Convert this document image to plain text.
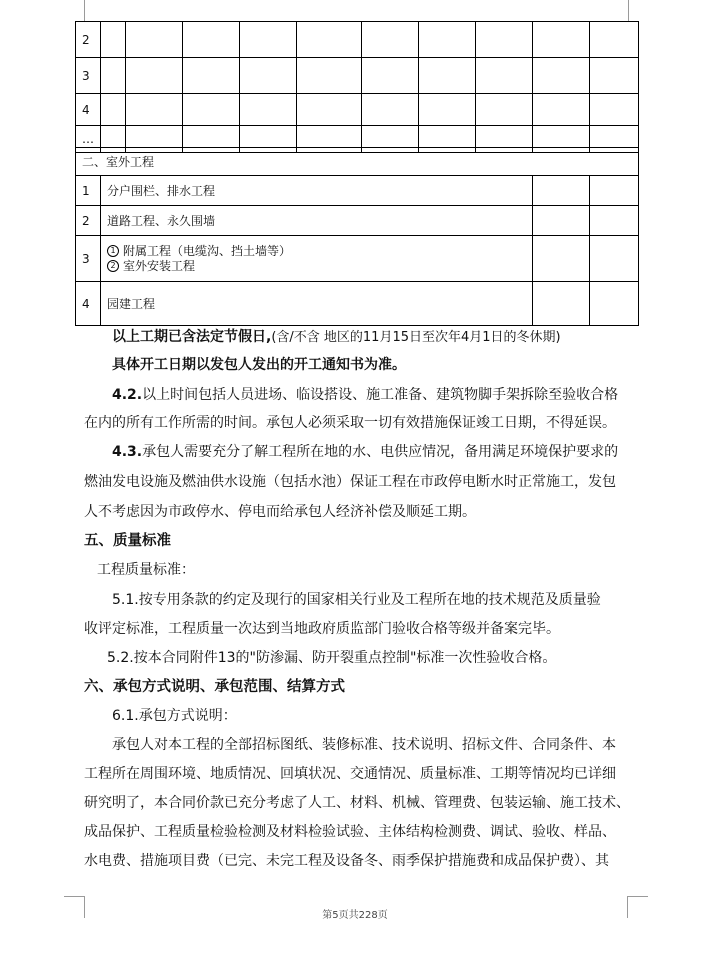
2										
3										
4										
…										
二、室外工程			
1	分户围栏、排水工程		
2	道路工程、永久围墙		
3	1 附属工程（电缆沟、挡土墙等）
2 室外安装工程		

4	园建工程		
以上工期已含法定节假日,(含/不含 地区的11月15日至次年4月1日的冬休期)
具体开工日期以发包人发出的开工通知书为准。
4.2.以上时间包括人员进场、临设搭设、施工准备、建筑物脚手架拆除至验收合格
在内的所有工作所需的时间。承包人必须采取一切有效措施保证竣工日期，不得延误。
4.3.承包人需要充分了解工程所在地的水、电供应情况，备用满足环境保护要求的
燃油发电设施及燃油供水设施（包括水池）保证工程在市政停电断水时正常施工，发包
人不考虑因为市政停水、停电而给承包人经济补偿及顺延工期。
五、质量标准
工程质量标准：
5.1.按专用条款的约定及现行的国家相关行业及工程所在地的技术规范及质量验
收评定标准，工程质量一次达到当地政府质监部门验收合格等级并备案完毕。
5.2.按本合同附件13的"防渗漏、防开裂重点控制"标准一次性验收合格。
六、承包方式说明、承包范围、结算方式
6.1.承包方式说明：
承包人对本工程的全部招标图纸、装修标准、技术说明、招标文件、合同条件、本
工程所在周围环境、地质情况、回填状况、交通情况、质量标准、工期等情况均已详细
研究明了，本合同价款已充分考虑了人工、材料、机械、管理费、包装运输、施工技术、
成品保护、工程质量检验检测及材料检验试验、主体结构检测费、调试、验收、样品、
水电费、措施项目费（已完、未完工程及设备冬、雨季保护措施费和成品保护费）、其
第5页共228页
